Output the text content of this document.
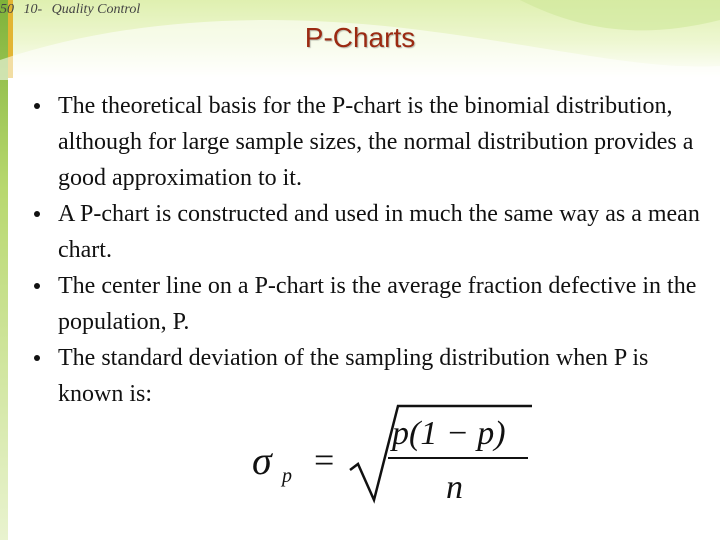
50 10- Quality Control
P-Charts
The theoretical basis for the P-chart is the binomial distribution, although for large sample sizes, the normal distribution provides a good approximation to it.
A P-chart is constructed and used in much the same way as a mean chart.
The center line on a P-chart is the average fraction defective in the population, P.
The standard deviation of the sampling distribution when P is known is:
σ p =
p(1 − p)
n
